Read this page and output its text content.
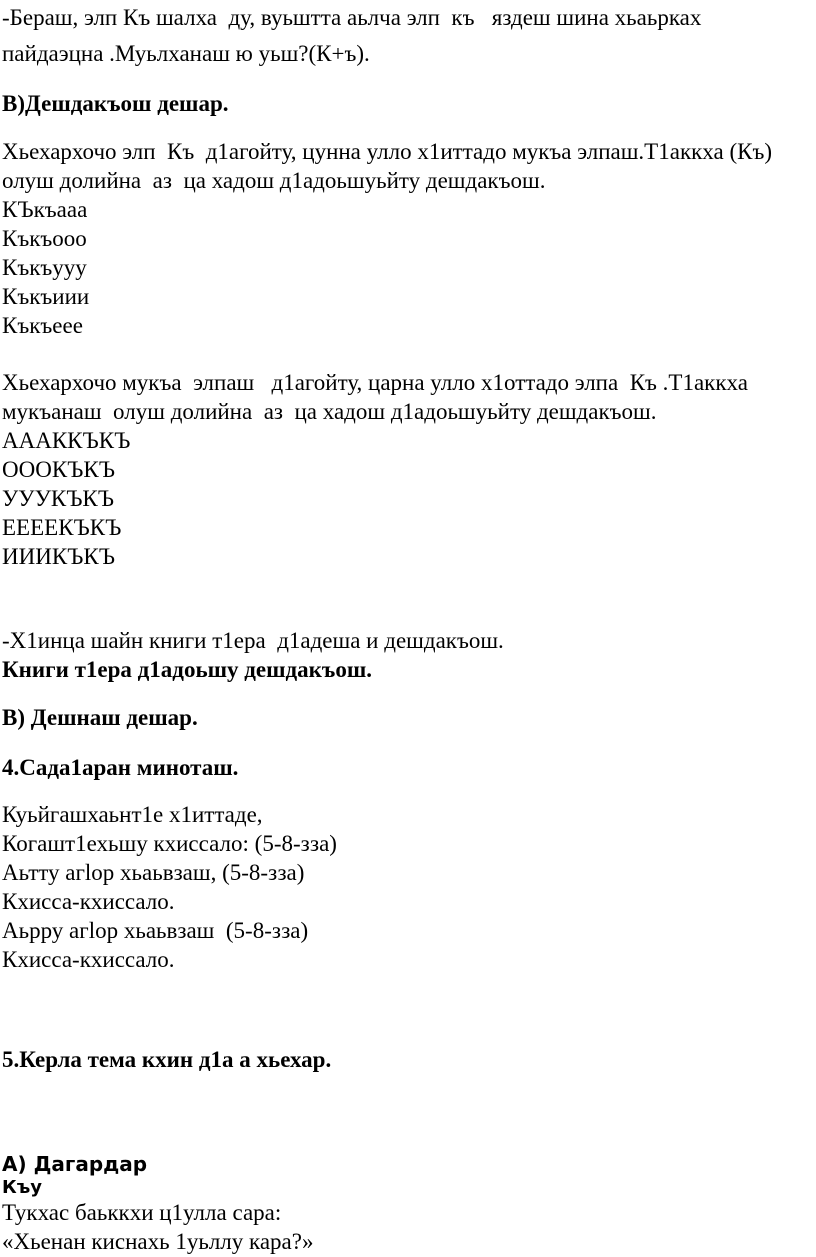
-Бераш, элп Къ шалха  ду, вуьштта аьлча элп  къ   яздеш шина хьаьрках

пайдаэцна .Муьлханаш ю уьш?(К+ъ).

В)Дешдакъош дешар.

Хьехархочо элп  Къ  д1агойту, цунна улло х1иттадо мукъа элпаш.Т1аккха (Къ) олуш долийна  аз  ца хадош д1адоьшуьйту дешдакъош.

КЪкъааа

Къкъооо

Къкъууу

Къкъиии

Къкъеее

Хьехархочо мукъа  элпаш   д1агойту, царна улло х1оттадо элпа  Къ .Т1аккха  мукъанаш  олуш долийна  аз  ца хадош д1адоьшуьйту дешдакъош.

АААККЪКЪ

ОООКЪКЪ

УУУКЪКЪ

ЕЕЕЕКЪКЪ

ИИИКЪКЪ

-Х1инца шайн книги т1ера  д1адеша и дешдакъош.

Книги т1ера д1адоьшу дешдакъош.

В) Дешнаш дешар.

4.Сада1аран миноташ.

Куьйгашхаьнт1е х1иттаде,

Когашт1ехьшу кхиссало: (5-8-зза)

Аьтту агlор хьаьвзаш, (5-8-зза)

Кхисса-кхиссало.

Аьрру агlор хьаьвзаш  (5-8-зза)

Кхисса-кхиссало.

5.Керла тема кхин д1а а хьехар.

А) Дагардар

Къу

Тукхас бaьккхи ц1улла сара:

«Хьенан киснахь 1уьллу кара?»
